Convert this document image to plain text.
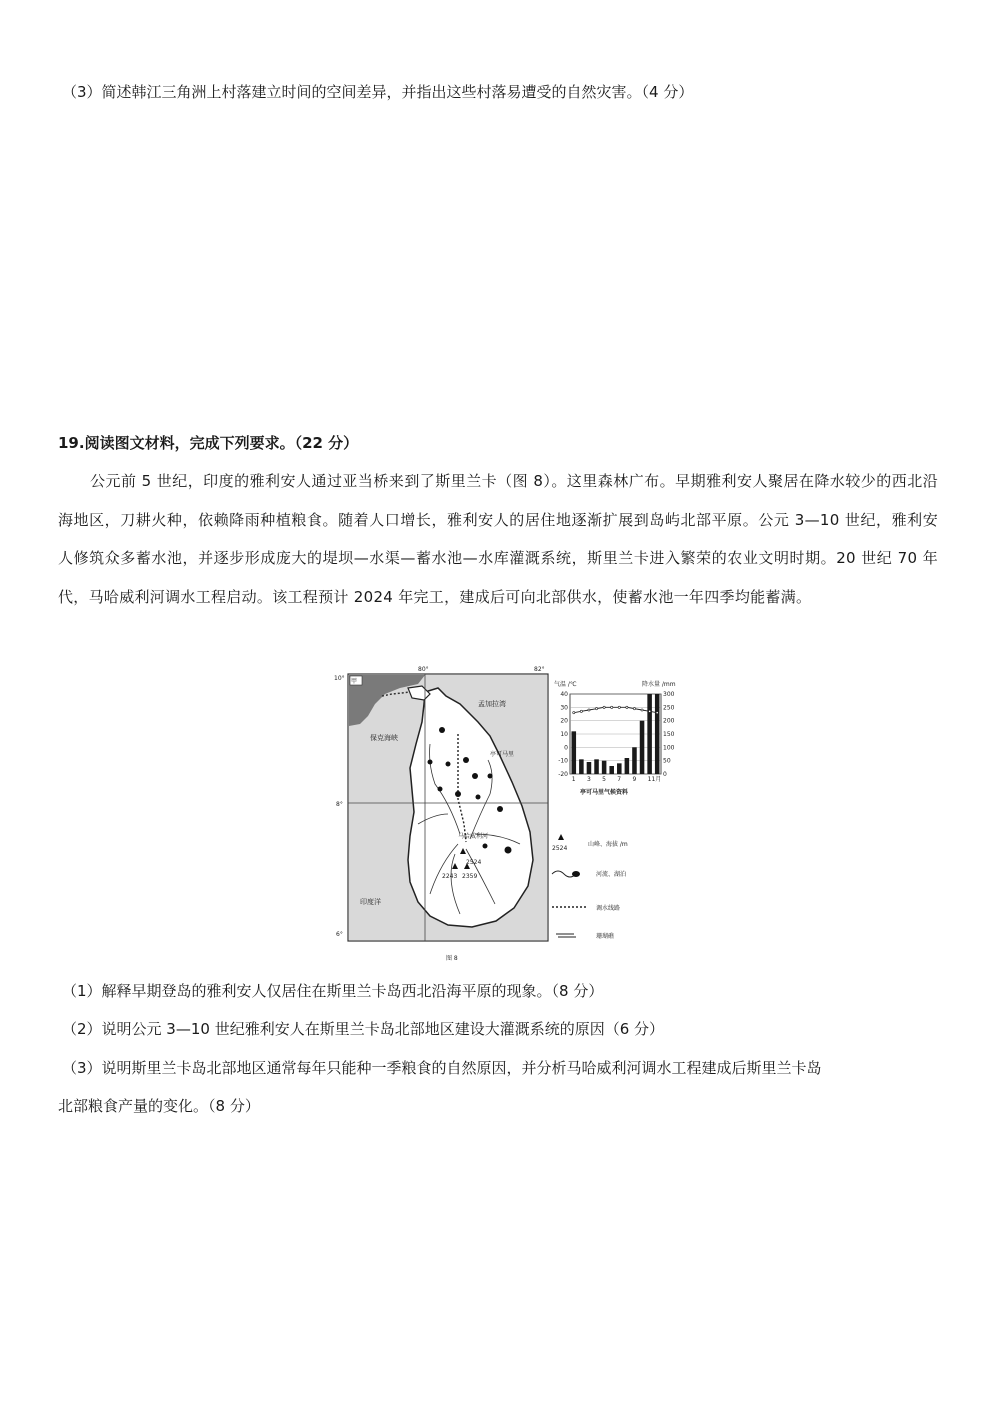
（3）简述韩江三角洲上村落建立时间的空间差异，并指出这些村落易遭受的自然灾害。（4 分）
19.阅读图文材料，完成下列要求。（22 分）
公元前 5 世纪，印度的雅利安人通过亚当桥来到了斯里兰卡（图 8）。这里森林广布。早期雅利安人聚居在降水较少的西北沿海地区，刀耕火种，依赖降雨种植粮食。随着人口增长，雅利安人的居住地逐渐扩展到岛屿北部平原。公元 3—10 世纪，雅利安人修筑众多蓄水池，并逐步形成庞大的堤坝—水渠—蓄水池—水库灌溉系统，斯里兰卡进入繁荣的农业文明时期。20 世纪 70 年代，马哈威利河调水工程启动。该工程预计 2024 年完工，建成后可向北部供水，使蓄水池一年四季均能蓄满。
80°	82°
10°
8°
6°
甲
孟加拉湾
保克海峡
印度洋
亭可马里
马哈威利河
2524
2243 2359
气温 /℃	降水量 /mm
40
30
20
10
0
-10
-20
300
250
200
150
100
50
0
1 3 5 7 9 11月
亭可马里气候资料
2524
山峰、海拔 /m
河流、湖泊
调水线路
珊瑚礁
图 8
（1）解释早期登岛的雅利安人仅居住在斯里兰卡岛西北沿海平原的现象。（8 分）
（2）说明公元 3—10 世纪雅利安人在斯里兰卡岛北部地区建设大灌溉系统的原因（6 分）
（3）说明斯里兰卡岛北部地区通常每年只能种一季粮食的自然原因，并分析马哈威利河调水工程建成后斯里兰卡岛
北部粮食产量的变化。（8 分）
